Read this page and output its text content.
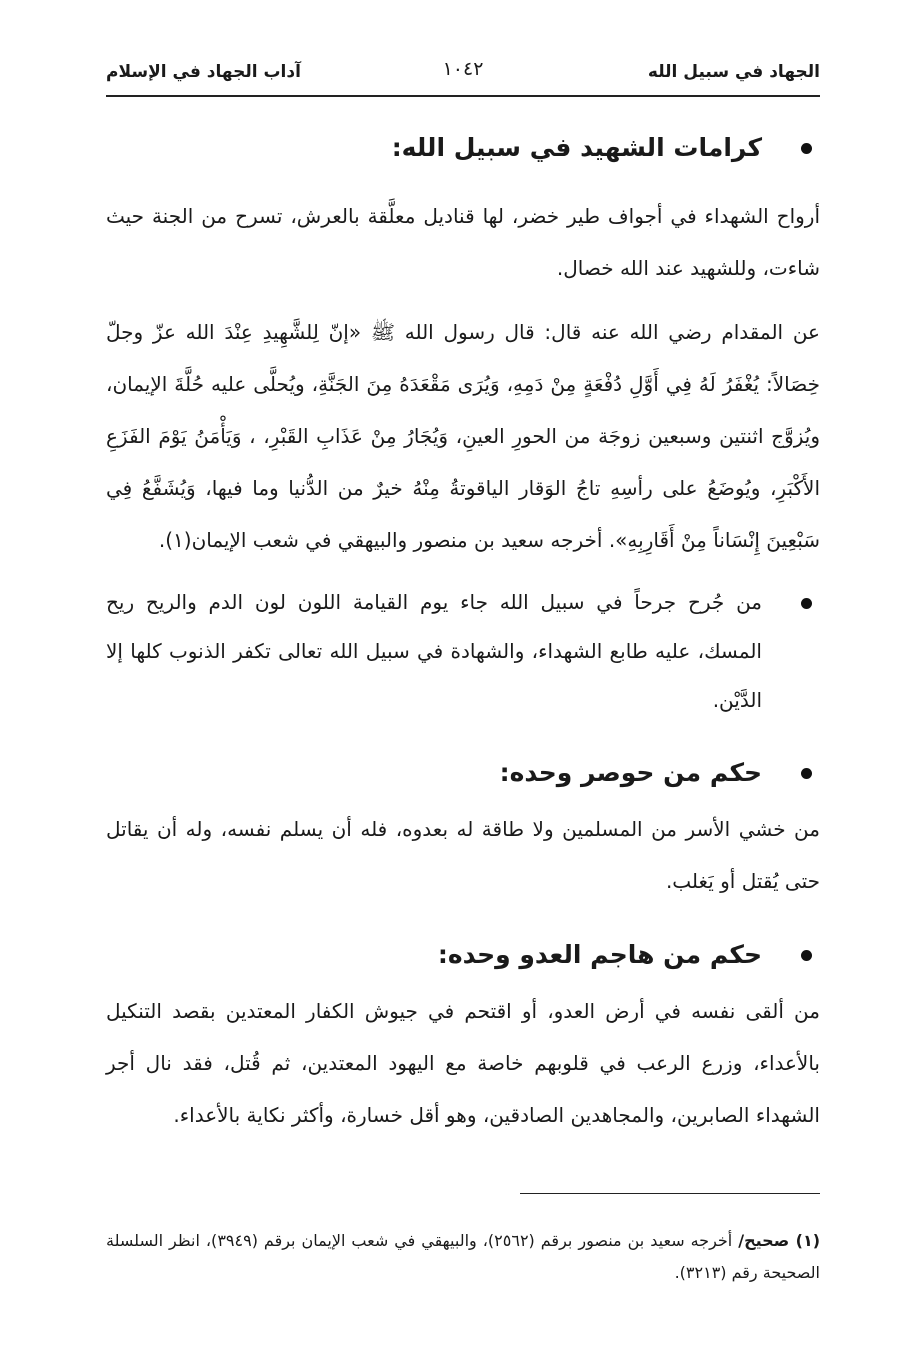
الجهاد في سبيل الله
١٠٤٢
آداب الجهاد في الإسلام

كرامات الشهيد في سبيل الله:

أرواح الشهداء في أجواف طير خضر، لها قناديل معلَّقة بالعرش، تسرح من الجنة حيث شاءت، وللشهيد عند الله خصال.

عن المقدام رضي الله عنه قال: قال رسول الله ﷺ «إنّ لِلشَّهِيدِ عِنْدَ الله عزّ وجلّ خِصَالاً: يُغْفَرُ لَهُ فِي أَوَّلِ دُفْعَةٍ مِنْ دَمِهِ، وَيُرَى مَقْعَدَهُ مِنَ الجَنَّةِ، ويُحلَّى عليه حُلَّةَ الإيمان، ويُزوَّج اثنتين وسبعين زوجَة من الحورِ العينِ، وَيُجَارُ مِنْ عَذَابِ القَبْرِ، ، وَيَأْمَنُ يَوْمَ الفَزَعِ الأَكْبَرِ، ويُوضَعُ على رأسِهِ تاجُ الوَقار الياقوتةُ مِنْهُ خيرٌ من الدُّنيا وما فيها، وَيُشَفَّعُ فِي سَبْعِينَ إِنْسَاناً مِنْ أَقَارِبِهِ». أخرجه سعيد بن منصور والبيهقي في شعب الإيمان(١).

من جُرح جرحاً في سبيل الله جاء يوم القيامة اللون لون الدم والريح ريح المسك، عليه طابع الشهداء، والشهادة في سبيل الله تعالى تكفر الذنوب كلها إلا الدَّيْن.

حكم من حوصر وحده:

من خشي الأسر من المسلمين ولا طاقة له بعدوه، فله أن يسلم نفسه، وله أن يقاتل حتى يُقتل أو يَغلب.

حكم من هاجم العدو وحده:

من ألقى نفسه في أرض العدو، أو اقتحم في جيوش الكفار المعتدين بقصد التنكيل بالأعداء، وزرع الرعب في قلوبهم خاصة مع اليهود المعتدين، ثم قُتل، فقد نال أجر الشهداء الصابرين، والمجاهدين الصادقين، وهو أقل خسارة، وأكثر نكاية بالأعداء.

(١) صحيح/ أخرجه سعيد بن منصور برقم (٢٥٦٢)، والبيهقي في شعب الإيمان برقم (٣٩٤٩)، انظر السلسلة الصحيحة رقم (٣٢١٣).
